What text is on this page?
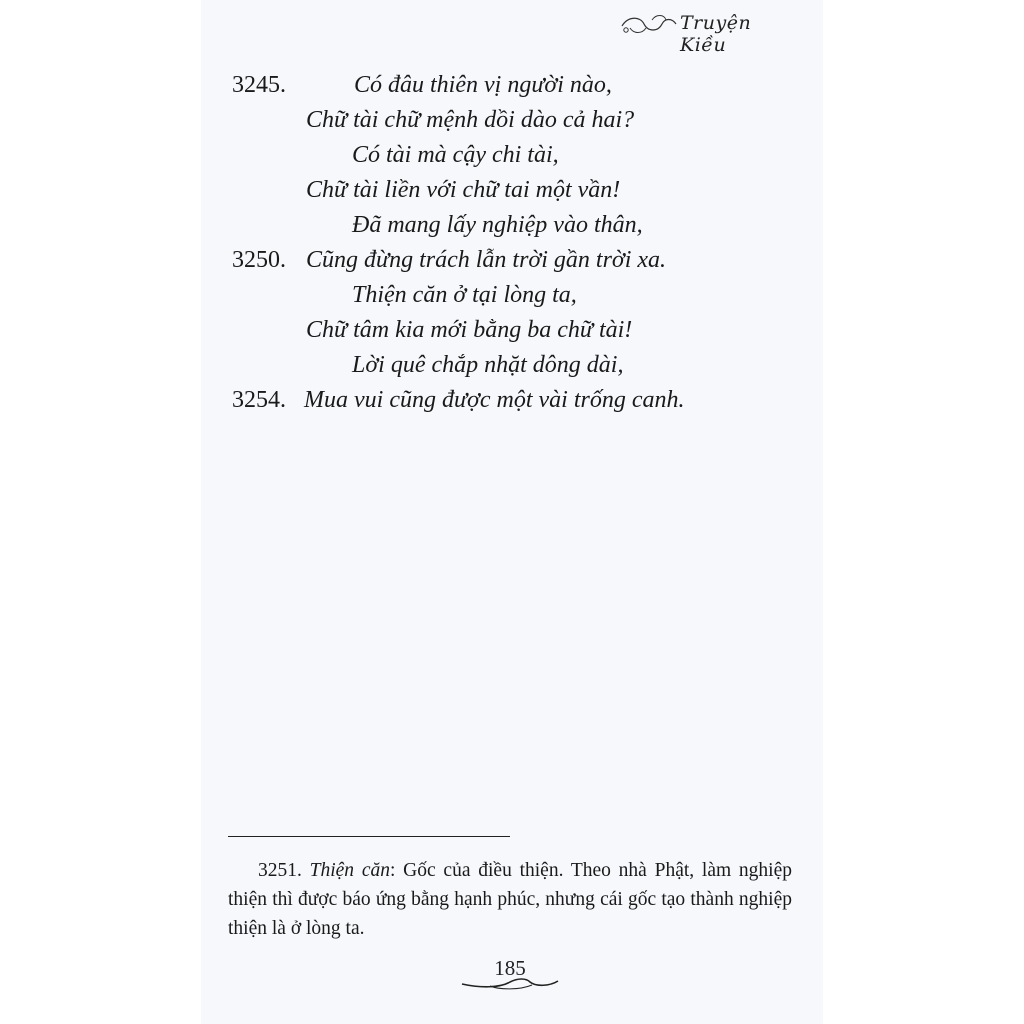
Truyện Kiều
3245.	Có đâu thiên vị người nào,
Chữ tài chữ mệnh dồi dào cả hai?
Có tài mà cậy chi tài,
Chữ tài liền với chữ tai một vần!
Đã mang lấy nghiệp vào thân,
3250. Cũng đừng trách lẫn trời gần trời xa.
Thiện căn ở tại lòng ta,
Chữ tâm kia mới bằng ba chữ tài!
Lời quê chắp nhặt dông dài,
3254. Mua vui cũng được một vài trống canh.
3251. Thiện căn: Gốc của điều thiện. Theo nhà Phật, làm nghiệp thiện thì được báo ứng bằng hạnh phúc, nhưng cái gốc tạo thành nghiệp thiện là ở lòng ta.
185
